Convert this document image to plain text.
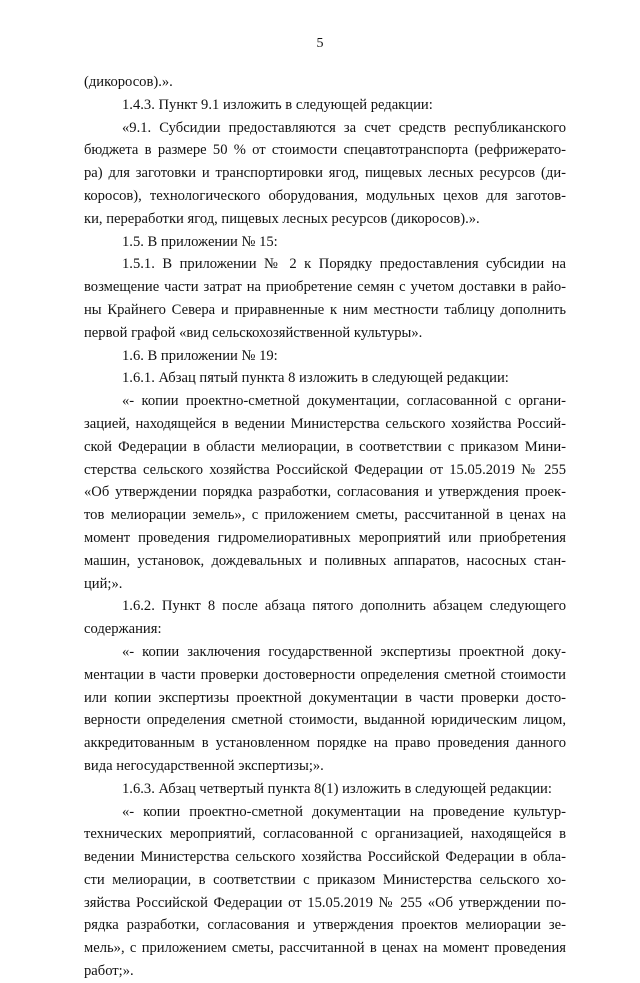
5
(дикоросов).».
1.4.3. Пункт 9.1 изложить в следующей редакции:
«9.1. Субсидии предоставляются за счет средств республиканского
бюджета в размере 50 % от стоимости спецавтотранспорта (рефрижерато-
ра) для заготовки и транспортировки ягод, пищевых лесных ресурсов (ди-
коросов), технологического оборудования, модульных цехов для заготов-
ки, переработки ягод, пищевых лесных ресурсов (дикоросов).».
1.5. В приложении № 15:
1.5.1. В приложении № 2 к Порядку предоставления субсидии на
возмещение части затрат на приобретение семян с учетом доставки в райо-
ны Крайнего Севера и приравненные к ним местности таблицу дополнить
первой графой «вид сельскохозяйственной культуры».
1.6. В приложении № 19:
1.6.1. Абзац пятый пункта 8 изложить в следующей редакции:
«- копии проектно-сметной документации, согласованной с органи-
зацией, находящейся в ведении Министерства сельского хозяйства Россий-
ской Федерации в области мелиорации, в соответствии с приказом Мини-
стерства сельского хозяйства Российской Федерации от 15.05.2019 № 255
«Об утверждении порядка разработки, согласования и утверждения проек-
тов мелиорации земель», с приложением сметы, рассчитанной в ценах на
момент проведения гидромелиоративных мероприятий или приобретения
машин, установок, дождевальных и поливных аппаратов, насосных стан-
ций;».
1.6.2. Пункт 8 после абзаца пятого дополнить абзацем следующего
содержания:
«- копии заключения государственной экспертизы проектной доку-
ментации в части проверки достоверности определения сметной стоимости
или копии экспертизы проектной документации в части проверки досто-
верности определения сметной стоимости, выданной юридическим лицом,
аккредитованным в установленном порядке на право проведения данного
вида негосударственной экспертизы;».
1.6.3. Абзац четвертый пункта 8(1) изложить в следующей редакции:
«- копии проектно-сметной документации на проведение культур-
технических мероприятий, согласованной с организацией, находящейся в
ведении Министерства сельского хозяйства Российской Федерации в обла-
сти мелиорации, в соответствии с приказом Министерства сельского хо-
зяйства Российской Федерации от 15.05.2019 № 255 «Об утверждении по-
рядка разработки, согласования и утверждения проектов мелиорации зе-
мель», с приложением сметы, рассчитанной в ценах на момент проведения
работ;».
